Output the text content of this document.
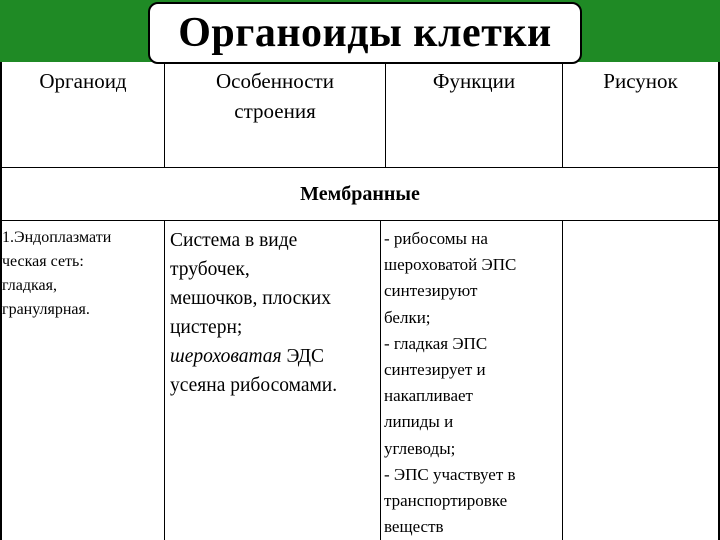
Органоиды клетки
Органоид	Особенности
строения
Функции	Рисунок
Мембранные
1.Эндоплазмати
ческая сеть:
гладкая,
гранулярная.
Система в виде
трубочек,
мешочков, плоских
цистерн;
шероховатая ЭДС
усеяна рибосомами.
- рибосомы на
шероховатой ЭПС
синтезируют
белки;
- гладкая ЭПС
синтезирует и
накапливает
липиды и
углеводы;
- ЭПС участвует в
транспортировке
веществ
